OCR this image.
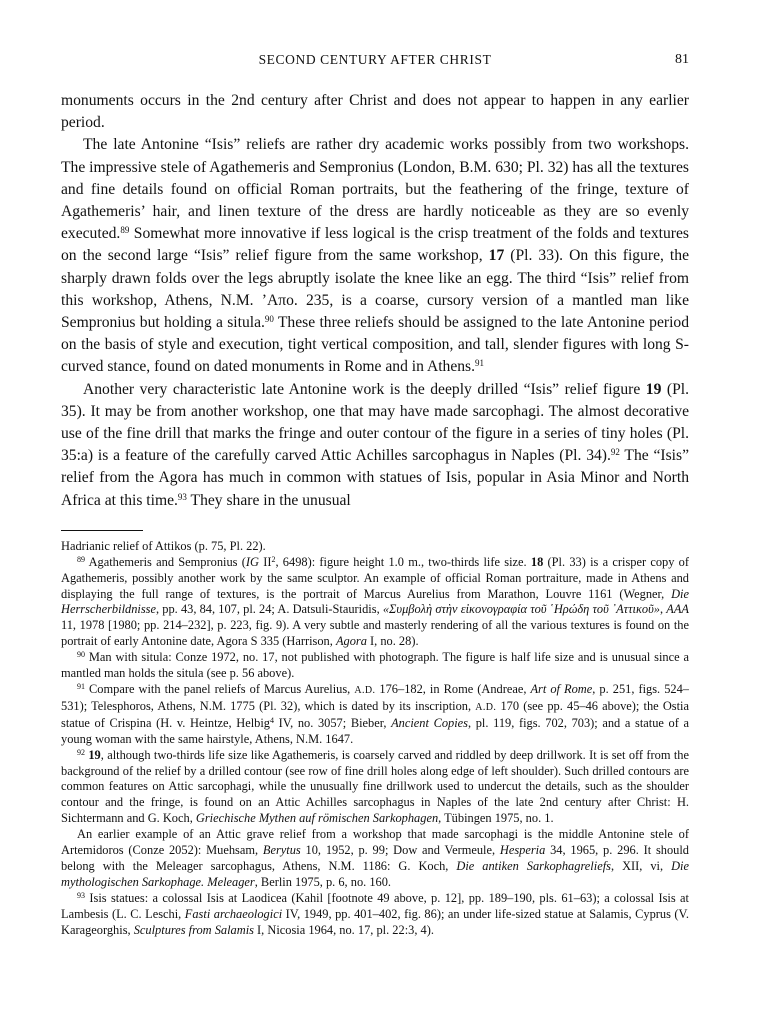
SECOND CENTURY AFTER CHRIST	81

monuments occurs in the 2nd century after Christ and does not appear to happen in any earlier period.

The late Antonine “Isis” reliefs are rather dry academic works possibly from two workshops. The impressive stele of Agathemeris and Sempronius (London, B.M. 630; Pl. 32) has all the textures and fine details found on official Roman portraits, but the feathering of the fringe, texture of Agathemeris’ hair, and linen texture of the dress are hardly noticeable as they are so evenly executed.$^{89}$ Somewhat more innovative if less logical is the crisp treatment of the folds and textures on the second large “Isis” relief figure from the same workshop, 17 (Pl. 33). On this figure, the sharply drawn folds over the legs abruptly isolate the knee like an egg. The third “Isis” relief from this workshop, Athens, N.M. ’Απο. 235, is a coarse, cursory version of a mantled man like Sempronius but holding a situla.$^{90}$ These three reliefs should be assigned to the late Antonine period on the basis of style and execution, tight vertical composition, and tall, slender figures with long S-curved stance, found on dated monuments in Rome and in Athens.$^{91}$

Another very characteristic late Antonine work is the deeply drilled “Isis” relief figure 19 (Pl. 35). It may be from another workshop, one that may have made sarcophagi. The almost decorative use of the fine drill that marks the fringe and outer contour of the figure in a series of tiny holes (Pl. 35:a) is a feature of the carefully carved Attic Achilles sarcophagus in Naples (Pl. 34).$^{92}$ The “Isis” relief from the Agora has much in common with statues of Isis, popular in Asia Minor and North Africa at this time.$^{93}$ They share in the unusual

Hadrianic relief of Attikos (p. 75, Pl. 22).

$^{89}$ Agathemeris and Sempronius (IG $II^2$, 6498): figure height 1.0 m., two-thirds life size. 18 (Pl. 33) is a crisper copy of Agathemeris, possibly another work by the same sculptor. An example of official Roman portraiture, made in Athens and displaying the full range of textures, is the portrait of Marcus Aurelius from Marathon, Louvre 1161 (Wegner, Die Herrscherbildnisse, pp. 43, 84, 107, pl. 24; A. Datsuli-Stauridis, «Συμβολὴ στὴν εἰκονογραφία τοῦ ῾Ηρώδη τοῦ ᾿Αττικοῦ», AAA 11, 1978 [1980; pp. 214–232], p. 223, fig. 9). A very subtle and masterly rendering of all the various textures is found on the portrait of early Antonine date, Agora S 335 (Harrison, Agora I, no. 28).

$^{90}$ Man with situla: Conze 1972, no. 17, not published with photograph. The figure is half life size and is unusual since a mantled man holds the situla (see p. 56 above).

$^{91}$ Compare with the panel reliefs of Marcus Aurelius, A.D. 176–182, in Rome (Andreae, Art of Rome, p. 251, figs. 524–531); Telesphoros, Athens, N.M. 1775 (Pl. 32), which is dated by its inscription, A.D. 170 (see pp. 45–46 above); the Ostia statue of Crispina (H. v. Heintze, Helbig$^4$ IV, no. 3057; Bieber, Ancient Copies, pl. 119, figs. 702, 703); and a statue of a young woman with the same hairstyle, Athens, N.M. 1647.

$^{92}$ 19, although two-thirds life size like Agathemeris, is coarsely carved and riddled by deep drillwork. It is set off from the background of the relief by a drilled contour (see row of fine drill holes along edge of left shoulder). Such drilled contours are common features on Attic sarcophagi, while the unusually fine drillwork used to undercut the details, such as the shoulder contour and the fringe, is found on an Attic Achilles sarcophagus in Naples of the late 2nd century after Christ: H. Sichtermann and G. Koch, Griechische Mythen auf römischen Sarkophagen, Tübingen 1975, no. 1.

An earlier example of an Attic grave relief from a workshop that made sarcophagi is the middle Antonine stele of Artemidoros (Conze 2052): Muehsam, Berytus 10, 1952, p. 99; Dow and Vermeule, Hesperia 34, 1965, p. 296. It should belong with the Meleager sarcophagus, Athens, N.M. 1186: G. Koch, Die antiken Sarkophagreliefs, XII, vi, Die mythologischen Sarkophage. Meleager, Berlin 1975, p. 6, no. 160.

$^{93}$ Isis statues: a colossal Isis at Laodicea (Kahil [footnote 49 above, p. 12], pp. 189–190, pls. 61–63); a colossal Isis at Lambesis (L. C. Leschi, Fasti archaeologici IV, 1949, pp. 401–402, fig. 86); an under life-sized statue at Salamis, Cyprus (V. Karageorghis, Sculptures from Salamis I, Nicosia 1964, no. 17, pl. 22:3, 4).
